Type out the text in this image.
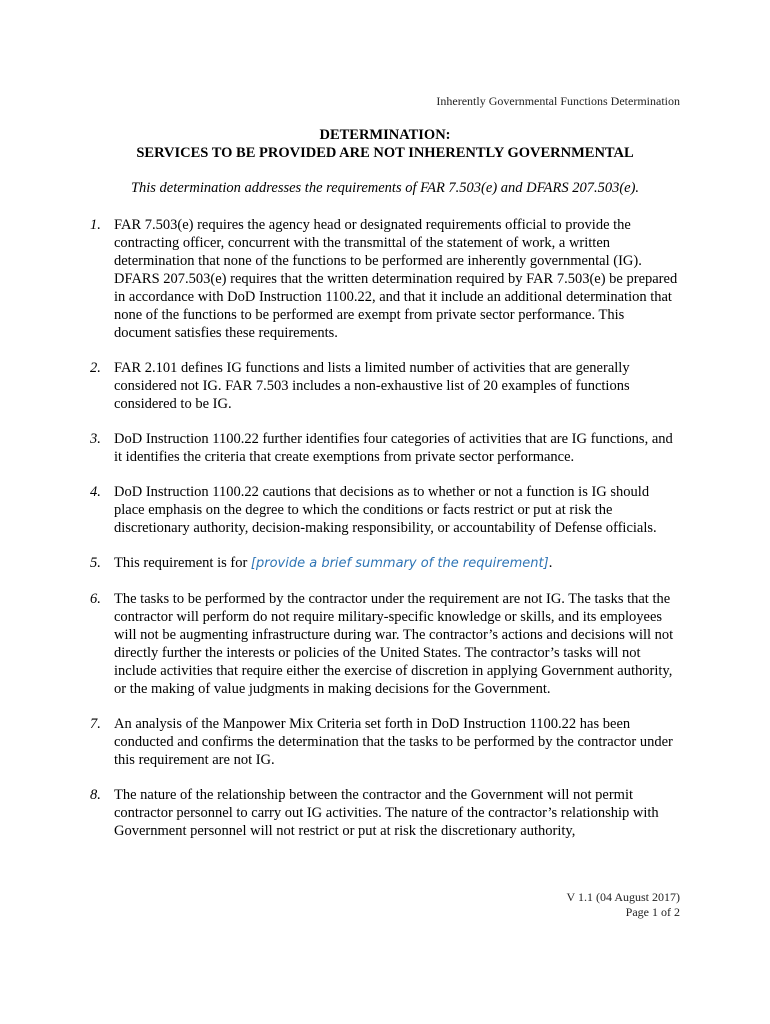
Inherently Governmental Functions Determination
DETERMINATION:
SERVICES TO BE PROVIDED ARE NOT INHERENTLY GOVERNMENTAL
This determination addresses the requirements of FAR 7.503(e) and DFARS 207.503(e).
1. FAR 7.503(e) requires the agency head or designated requirements official to provide the contracting officer, concurrent with the transmittal of the statement of work, a written determination that none of the functions to be performed are inherently governmental (IG). DFARS 207.503(e) requires that the written determination required by FAR 7.503(e) be prepared in accordance with DoD Instruction 1100.22, and that it include an additional determination that none of the functions to be performed are exempt from private sector performance. This document satisfies these requirements.
2. FAR 2.101 defines IG functions and lists a limited number of activities that are generally considered not IG. FAR 7.503 includes a non-exhaustive list of 20 examples of functions considered to be IG.
3. DoD Instruction 1100.22 further identifies four categories of activities that are IG functions, and it identifies the criteria that create exemptions from private sector performance.
4. DoD Instruction 1100.22 cautions that decisions as to whether or not a function is IG should place emphasis on the degree to which the conditions or facts restrict or put at risk the discretionary authority, decision-making responsibility, or accountability of Defense officials.
5. This requirement is for [provide a brief summary of the requirement].
6. The tasks to be performed by the contractor under the requirement are not IG. The tasks that the contractor will perform do not require military-specific knowledge or skills, and its employees will not be augmenting infrastructure during war. The contractor’s actions and decisions will not directly further the interests or policies of the United States. The contractor’s tasks will not include activities that require either the exercise of discretion in applying Government authority, or the making of value judgments in making decisions for the Government.
7. An analysis of the Manpower Mix Criteria set forth in DoD Instruction 1100.22 has been conducted and confirms the determination that the tasks to be performed by the contractor under this requirement are not IG.
8. The nature of the relationship between the contractor and the Government will not permit contractor personnel to carry out IG activities. The nature of the contractor’s relationship with Government personnel will not restrict or put at risk the discretionary authority,
V 1.1 (04 August 2017)
Page 1 of 2
